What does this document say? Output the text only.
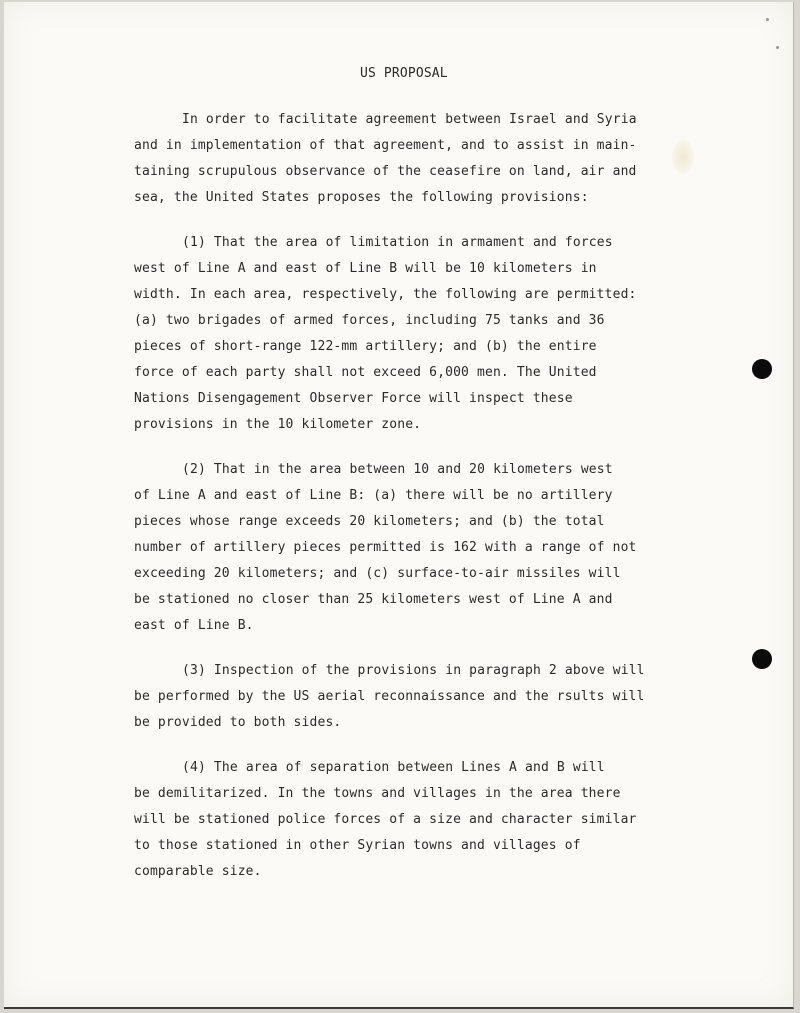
US PROPOSAL
In order to facilitate agreement between Israel and Syria
and in implementation of that agreement, and to assist in main-
taining scrupulous observance of the ceasefire on land, air and
sea, the United States proposes the following provisions:
(1) That the area of limitation in armament and forces
west of Line A and east of Line B will be 10 kilometers in
width. In each area, respectively, the following are permitted:
(a) two brigades of armed forces, including 75 tanks and 36
pieces of short-range 122-mm artillery; and (b) the entire
force of each party shall not exceed 6,000 men. The United
Nations Disengagement Observer Force will inspect these
provisions in the 10 kilometer zone.
(2) That in the area between 10 and 20 kilometers west
of Line A and east of Line B: (a) there will be no artillery
pieces whose range exceeds 20 kilometers; and (b) the total
number of artillery pieces permitted is 162 with a range of not
exceeding 20 kilometers; and (c) surface-to-air missiles will
be stationed no closer than 25 kilometers west of Line A and
east of Line B.
(3) Inspection of the provisions in paragraph 2 above will
be performed by the US aerial reconnaissance and the rsults will
be provided to both sides.
(4) The area of separation between Lines A and B will
be demilitarized. In the towns and villages in the area there
will be stationed police forces of a size and character similar
to those stationed in other Syrian towns and villages of
comparable size.
